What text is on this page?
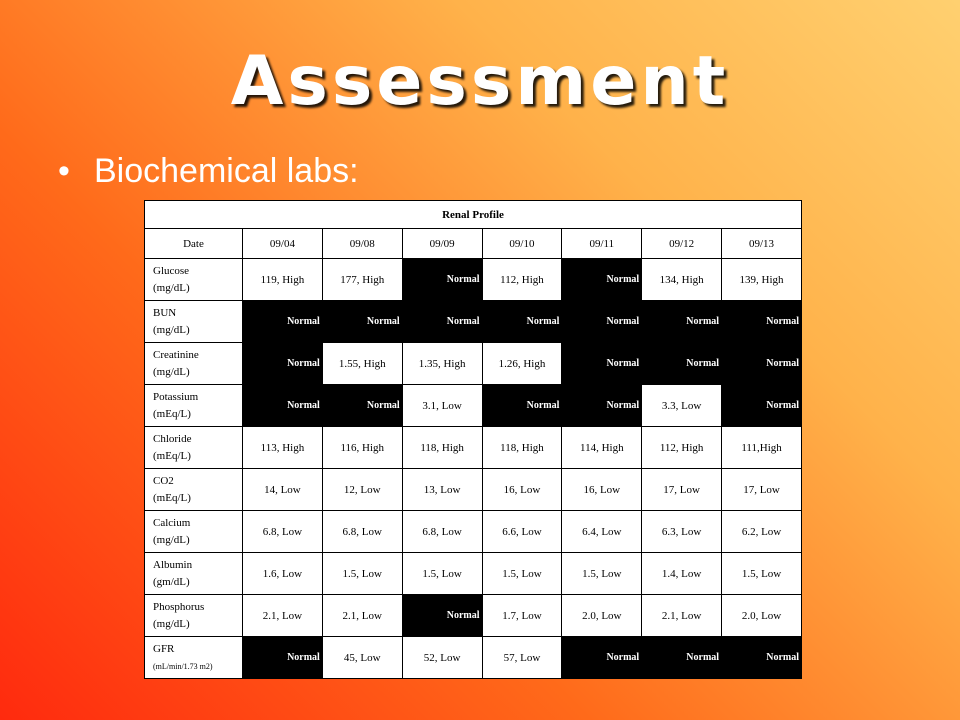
Assessment
• Biochemical labs:
Renal Profile							
Date	09/04	09/08	09/09	09/10	09/11	09/12	09/13

Glucose
(mg/dL)	119, High	177, High	Normal	112, High	Normal	134, High	139, High

BUN
(mg/dL)	Normal	Normal	Normal	Normal	Normal	Normal	Normal

Creatinine
(mg/dL)	Normal	1.55, High	1.35, High	1.26, High	Normal	Normal	Normal

Potassium
(mEq/L)	Normal	Normal	3.1, Low	Normal	Normal	3.3, Low	Normal

Chloride
(mEq/L)	113, High	116, High	118, High	118, High	114, High	112, High	111,High

CO2
(mEq/L)	14, Low	12, Low	13, Low	16, Low	16, Low	17, Low	17, Low

Calcium
(mg/dL)	6.8, Low	6.8, Low	6.8, Low	6.6, Low	6.4, Low	6.3, Low	6.2, Low

Albumin
(gm/dL)	1.6, Low	1.5, Low	1.5, Low	1.5, Low	1.5, Low	1.4, Low	1.5, Low

Phosphorus
(mg/dL)	2.1, Low	2.1, Low	Normal	1.7, Low	2.0, Low	2.1, Low	2.0, Low

GFR
(mL/min/1.73 m2)	Normal	45, Low	52, Low	57, Low	Normal	Normal	Normal
